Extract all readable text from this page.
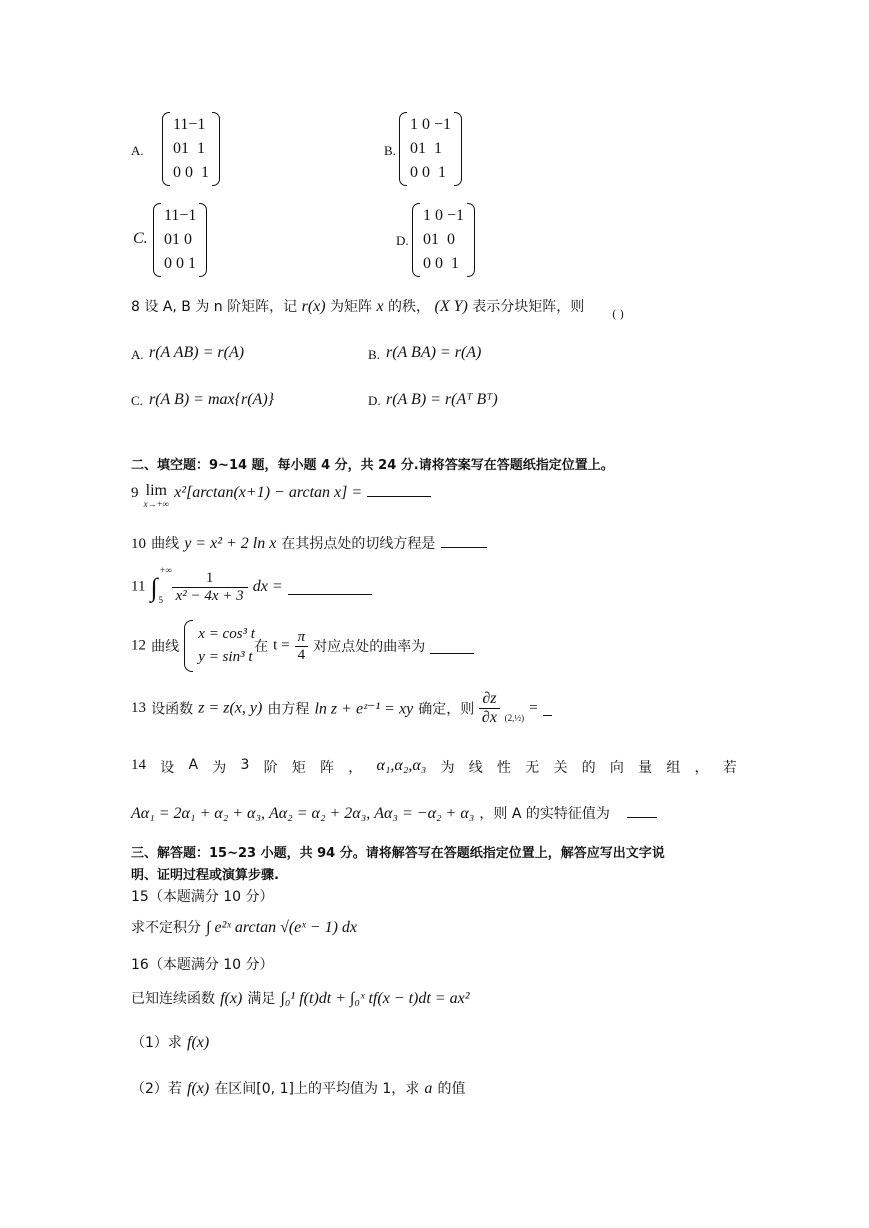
A.
11−1
01  1
0 0  1
B.
1 0 −1
01  1
0 0  1
C.
11−1
01 0
0 0 1
D.
1 0 −1
01  0
0 0  1
8 设 A, B 为 n 阶矩阵，记 r(x) 为矩阵 x 的秩， (X Y) 表示分块矩阵，则	( )
A. r(A AB) = r(A)	B. r(A BA) = r(A)
C. r(A B) = max{r(A)}	D. r(A B) = r(Aᵀ Bᵀ)
二、填空题：9~14 题，每小题 4 分，共 24 分.请将答案写在答题纸指定位置上。
9 lim
x→+∞
x²[arctan(x+1) − arctan x] =
10 曲线 y = x² + 2 ln x 在其拐点处的切线方程是
11 ∫
+∞
5
$\frac{1}{\text{x² − 4x + 3}}$ dx =
12 曲线
x = cos³ t
y = sin³ t
在 $t = \frac{\pi}{4}$ 对应点处的曲率为
13 设函数 z = z(x, y) 由方程 ln z + eᶻ⁻¹ = xy 确定，则 $\frac{\partial z}{\partial x} _{(2,\frac{1}{2})}$ =
14 设 A 为 3 阶 矩 阵 ， α₁,α₂,α₃ 为 线 性 无 关 的 向 量 组 ， 若
Aα₁ = 2α₁ + α₂ + α₃, Aα₂ = α₂ + 2α₃, Aα₃ = −α₂ + α₃ ，则 A 的实特征值为
三、解答题：15~23 小题，共 94 分。请将解答写在答题纸指定位置上，解答应写出文字说
明、证明过程或演算步骤.
15（本题满分 10 分）
求不定积分 ∫ e²ˣ arctan √(eˣ − 1) dx
16（本题满分 10 分）
已知连续函数 f(x) 满足 ∫₀¹ f(t)dt + ∫₀ˣ tf(x − t)dt = ax²
（1）求 f(x)
（2）若 f(x) 在区间[0, 1]上的平均值为 1，求 a 的值
